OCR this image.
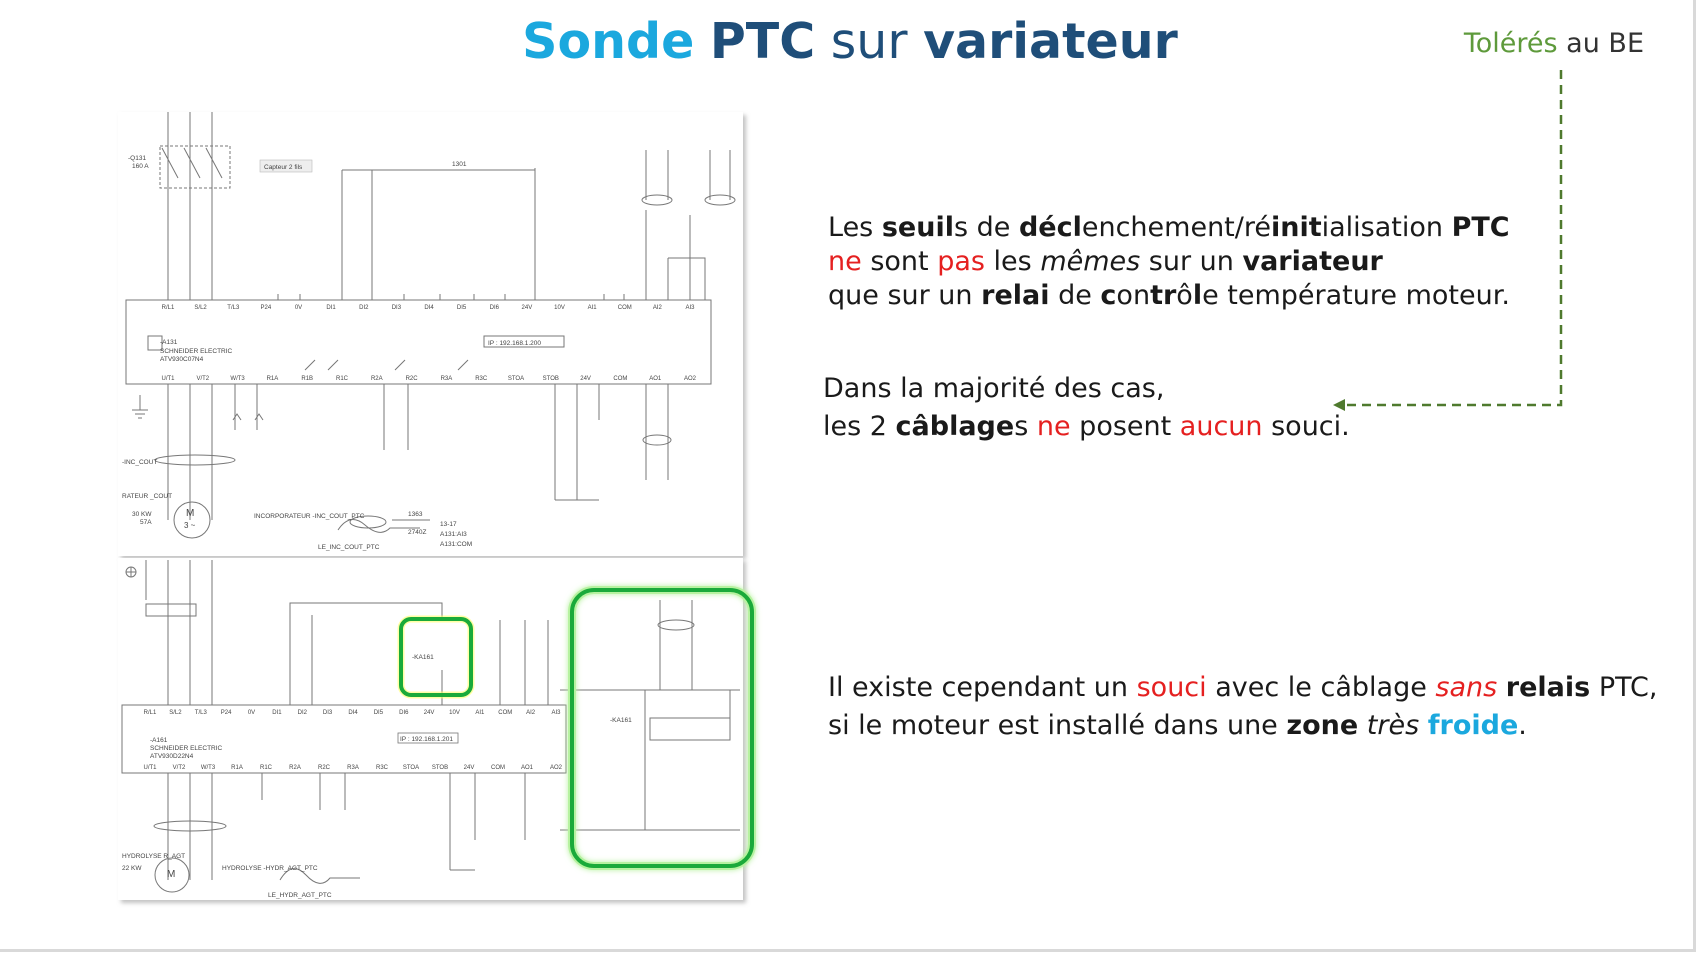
Sonde PTC sur variateur	Tolérés au BE
Les seuils de déclenchement/réinitialisation PTC
ne sont pas les mêmes sur un variateur
que sur un relai de contrôle température moteur.
Dans la majorité des cas,
les 2 câblages ne posent aucun souci.
Il existe cependant un souci avec le câblage sans relais PTC,
si le moteur est installé dans une zone très froide.
-Q131
160 A	Capteur 2 fils	1301
-A131
SCHNEIDER ELECTRIC
ATV930C07N4
IP : 192.168.1.200
-INC_COUT
RATEUR _COUT
30 KW
57A
M
3 ~
INCORPORATEUR -INC_COUT_PTC
LE_INC_COUT_PTC
1363
2740Z
13-17
A131:AI3
A131:COM
R/L1	S/L2	T/L3	P24	0V	DI1	DI2	DI3	DI4	DI5	DI6	24V	10V	AI1	COM	AI2	AI3
U/T1	V/T2	W/T3	R1A	R1B	R1C	R2A	R2C	R3A	R3C	STOA	STOB	24V	COM	AO1	AO2
-A161
SCHNEIDER ELECTRIC
ATV930D22N4
IP : 192.168.1.201
-KA161
-KA161
HYDROLYSE R_AGT
22 KW
M
HYDROLYSE -HYDR_AGT_PTC
LE_HYDR_AGT_PTC
R/L1 S/L2 T/L3 P24	0V	DI1	DI2	DI3	DI4	DI5	DI6	24V 10V	AI1 COM AI2	AI3
U/T1	V/T2	W/T3	R1A	R1C	R2A	R2C	R3A	R3C STOA STOB	24V	COM	AO1	AO2
